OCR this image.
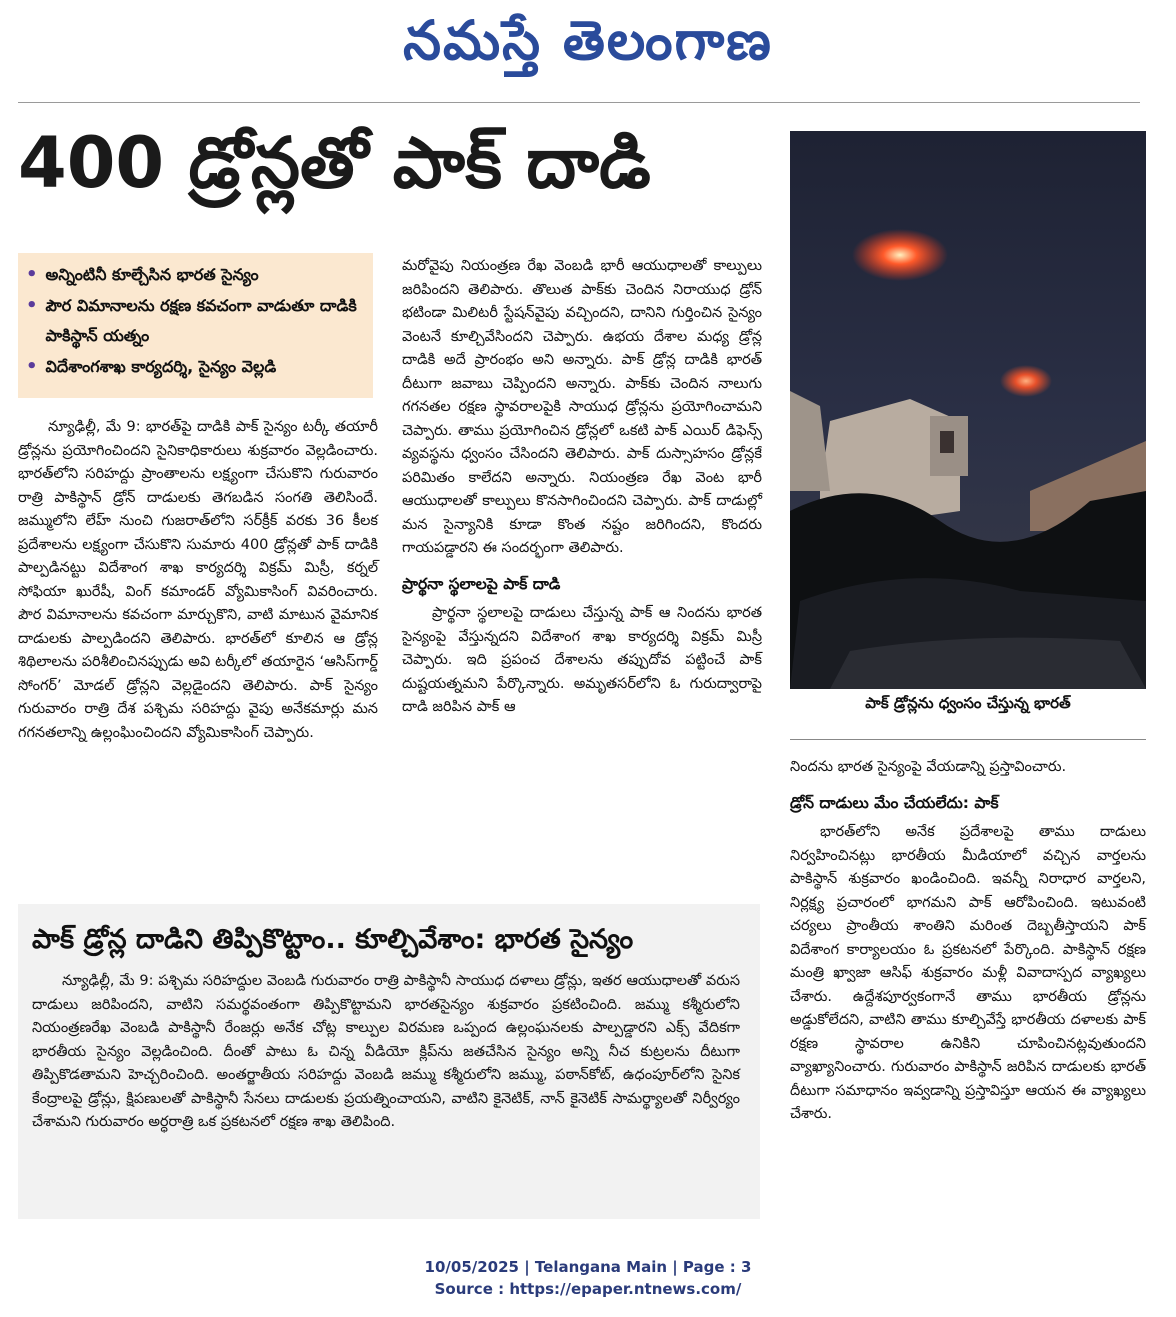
నమస్తే తెలంగాణ
400 డ్రోన్లతో పాక్ దాడి
పాక్ డ్రోన్లను ధ్వంసం చేస్తున్న భారత్
• అన్నింటినీ కూల్చేసిన భారత సైన్యం
• పౌర విమానాలను రక్షణ కవచంగా వాడుతూ దాడికి పాకిస్థాన్ యత్నం
• విదేశాంగశాఖ కార్యదర్శి, సైన్యం వెల్లడి

న్యూఢిల్లీ, మే 9: భారత్‌పై దాడికి పాక్ సైన్యం టర్కీ తయారీ డ్రోన్లను ప్రయోగించిందని సైనికాధికారులు శుక్రవారం వెల్లడించారు. భారత్‌లోని సరిహద్దు ప్రాంతాలను లక్ష్యంగా చేసుకొని గురువారం రాత్రి పాకిస్థాన్ డ్రోన్ దాడులకు తెగబడిన సంగతి తెలిసిందే. జమ్ములోని లేహ్ నుంచి గుజరాత్‌లోని సర్‌క్రీక్ వరకు 36 కీలక ప్రదేశాలను లక్ష్యంగా చేసుకొని సుమారు 400 డ్రోన్లతో పాక్ దాడికి పాల్పడినట్టు విదేశాంగ శాఖ కార్యదర్శి విక్రమ్ మిస్రీ, కర్నల్ సోఫియా ఖురేషీ, వింగ్ కమాండర్ వ్యోమికాసింగ్ వివరించారు. పౌర విమానాలను కవచంగా మార్చుకొని, వాటి మాటున వైమానిక దాడులకు పాల్పడిందని తెలిపారు. భారత్‌లో కూలిన ఆ డ్రోన్ల శిథిలాలను పరిశీలించినప్పుడు అవి టర్కీలో తయారైన ‘ఆసిస్‌గార్డ్ సోంగర్’ మోడల్ డ్రోన్లని వెల్లడైందని తెలిపారు. పాక్ సైన్యం గురువారం రాత్రి దేశ పశ్చిమ సరిహద్దు వైపు అనేకమార్లు మన గగనతలాన్ని ఉల్లంఘించిందని వ్యోమికాసింగ్ చెప్పారు.

మరోవైపు నియంత్రణ రేఖ వెంబడి భారీ ఆయుధాలతో కాల్పులు జరిపిందని తెలిపారు. తొలుత పాక్‌కు చెందిన నిరాయుధ డ్రోన్ భటిండా మిలిటరీ స్టేషన్‌వైపు వచ్చిందని, దానిని గుర్తించిన సైన్యం వెంటనే కూల్చివేసిందని చెప్పారు. ఉభయ దేశాల మధ్య డ్రోన్ల దాడికి అదే ప్రారంభం అని అన్నారు. పాక్ డ్రోన్ల దాడికి భారత్ దీటుగా జవాబు చెప్పిందని అన్నారు. పాక్‌కు చెందిన నాలుగు గగనతల రక్షణ స్థావరాలపైకి సాయుధ డ్రోన్లను ప్రయోగించామని చెప్పారు. తాము ప్రయోగించిన డ్రోన్లలో ఒకటి పాక్ ఎయిర్ డిఫెన్స్ వ్యవస్థను ధ్వంసం చేసిందని తెలిపారు. పాక్ దుస్సాహసం డ్రోన్లకే పరిమితం కాలేదని అన్నారు. నియంత్రణ రేఖ వెంట భారీ ఆయుధాలతో కాల్పులు కొనసాగించిందని చెప్పారు. పాక్ దాడుల్లో మన సైన్యానికి కూడా కొంత నష్టం జరిగిందని, కొందరు గాయపడ్డారని ఈ సందర్భంగా తెలిపారు.

ప్రార్థనా స్థలాలపై పాక్ దాడి

ప్రార్థనా స్థలాలపై దాడులు చేస్తున్న పాక్ ఆ నిందను భారత సైన్యంపై వేస్తున్నదని విదేశాంగ శాఖ కార్యదర్శి విక్రమ్ మిస్రీ చెప్పారు. ఇది ప్రపంచ దేశాలను తప్పుదోవ పట్టించే పాక్ దుష్టయత్నమని పేర్కొన్నారు. అమృతసర్‌లోని ఓ గురుద్వారాపై దాడి జరిపిన పాక్ ఆ

నిందను భారత సైన్యంపై వేయడాన్ని ప్రస్తావించారు.

డ్రోన్ దాడులు మేం చేయలేదు: పాక్

భారత్‌లోని అనేక ప్రదేశాలపై తాము దాడులు నిర్వహించినట్లు భారతీయ మీడియాలో వచ్చిన వార్తలను పాకిస్థాన్ శుక్రవారం ఖండించింది. ఇవన్నీ నిరాధార వార్తలని, నిర్లక్ష్య ప్రచారంలో భాగమని పాక్ ఆరోపించింది. ఇటువంటి చర్యలు ప్రాంతీయ శాంతిని మరింత దెబ్బతీస్తాయని పాక్ విదేశాంగ కార్యాలయం ఓ ప్రకటనలో పేర్కొంది. పాకిస్థాన్ రక్షణ మంత్రి ఖ్వాజా ఆసిఫ్ శుక్రవారం మళ్లీ వివాదాస్పద వ్యాఖ్యలు చేశారు. ఉద్దేశపూర్వకంగానే తాము భారతీయ డ్రోన్లను అడ్డుకోలేదని, వాటిని తాము కూల్చివేస్తే భారతీయ దళాలకు పాక్ రక్షణ స్థావరాల ఉనికిని చూపించినట్లవుతుందని వ్యాఖ్యానించారు. గురువారం పాకిస్థాన్ జరిపిన దాడులకు భారత్ దీటుగా సమాధానం ఇవ్వడాన్ని ప్రస్తావిస్తూ ఆయన ఈ వ్యాఖ్యలు చేశారు.

పాక్ డ్రోన్ల దాడిని తిప్పికొట్టాం.. కూల్చివేశాం: భారత సైన్యం
న్యూఢిల్లీ, మే 9: పశ్చిమ సరిహద్దుల వెంబడి గురువారం రాత్రి పాకిస్థానీ సాయుధ దళాలు డ్రోన్లు, ఇతర ఆయుధాలతో వరుస దాడులు జరిపిందని, వాటిని సమర్థవంతంగా తిప్పికొట్టామని భారతసైన్యం శుక్రవారం ప్రకటించింది. జమ్ము కశ్మీరులోని నియంత్రణరేఖ వెంబడి పాకిస్థానీ రేంజర్లు అనేక చోట్ల కాల్పుల విరమణ ఒప్పంద ఉల్లంఘనలకు పాల్పడ్డారని ఎక్స్ వేదికగా భారతీయ సైన్యం వెల్లడించింది. దీంతో పాటు ఓ చిన్న వీడియో క్లిప్‌ను జతచేసిన సైన్యం అన్ని నీచ కుట్రలను దీటుగా తిప్పికొడతామని హెచ్చరించింది. అంతర్జాతీయ సరిహద్దు వెంబడి జమ్ము కశ్మీరులోని జమ్ము, పఠాన్‌కోట్, ఉధంపూర్‌లోని సైనిక కేంద్రాలపై డ్రోన్లు, క్షిపణులతో పాకిస్థానీ సేనలు దాడులకు ప్రయత్నించాయని, వాటిని కైనెటిక్, నాన్ కైనెటిక్ సామర్థ్యాలతో నిర్వీర్యం చేశామని గురువారం అర్ధరాత్రి ఒక ప్రకటనలో రక్షణ శాఖ తెలిపింది.
10/05/2025 | Telangana Main | Page : 3
Source : https://epaper.ntnews.com/
